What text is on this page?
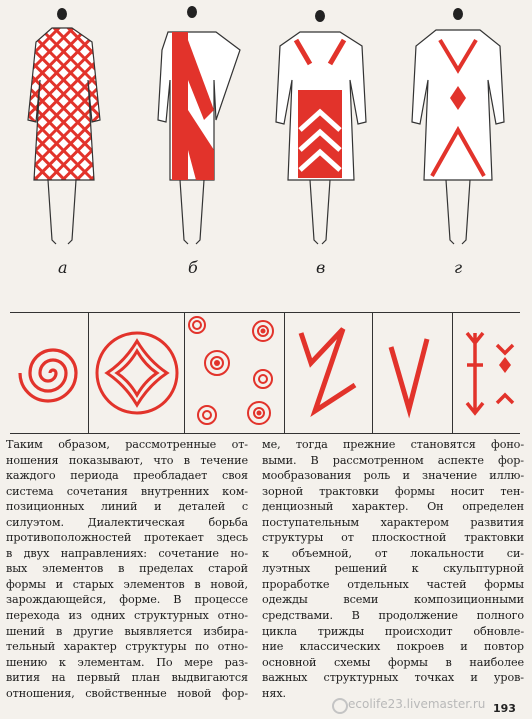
а	б	в	г
Таким образом, рассмотренные от-
ношения показывают, что в течение
каждого периода преобладает своя
система сочетания внутренних ком-
позиционных линий и деталей с
силуэтом. Диалектическая борьба
противоположностей протекает здесь
в двух направлениях: сочетание но-
вых элементов в пределах старой
формы и старых элементов в новой,
зарождающейся, форме. В процессе
перехода из одних структурных отно-
шений в другие выявляется избира-
тельный характер структуры по отно-
шению к элементам. По мере раз-
вития на первый план выдвигаются
отношения, свойственные новой фор-
ме, тогда прежние становятся фоно-
выми. В рассмотренном аспекте фор-
мообразования роль и значение иллю-
зорной трактовки формы носит тен-
денциозный характер. Он определен
поступательным характером развития
структуры от плоскостной трактовки
к объемной, от локальности си-
луэтных решений к скульптурной
проработке отдельных частей формы
одежды всеми композиционными
средствами. В продолжение полного
цикла трижды происходит обновле-
ние классических покроев и повтор
основной схемы формы в наиболее
важных структурных точках и уров-
нях.
ecolife23.livemaster.ru 193
